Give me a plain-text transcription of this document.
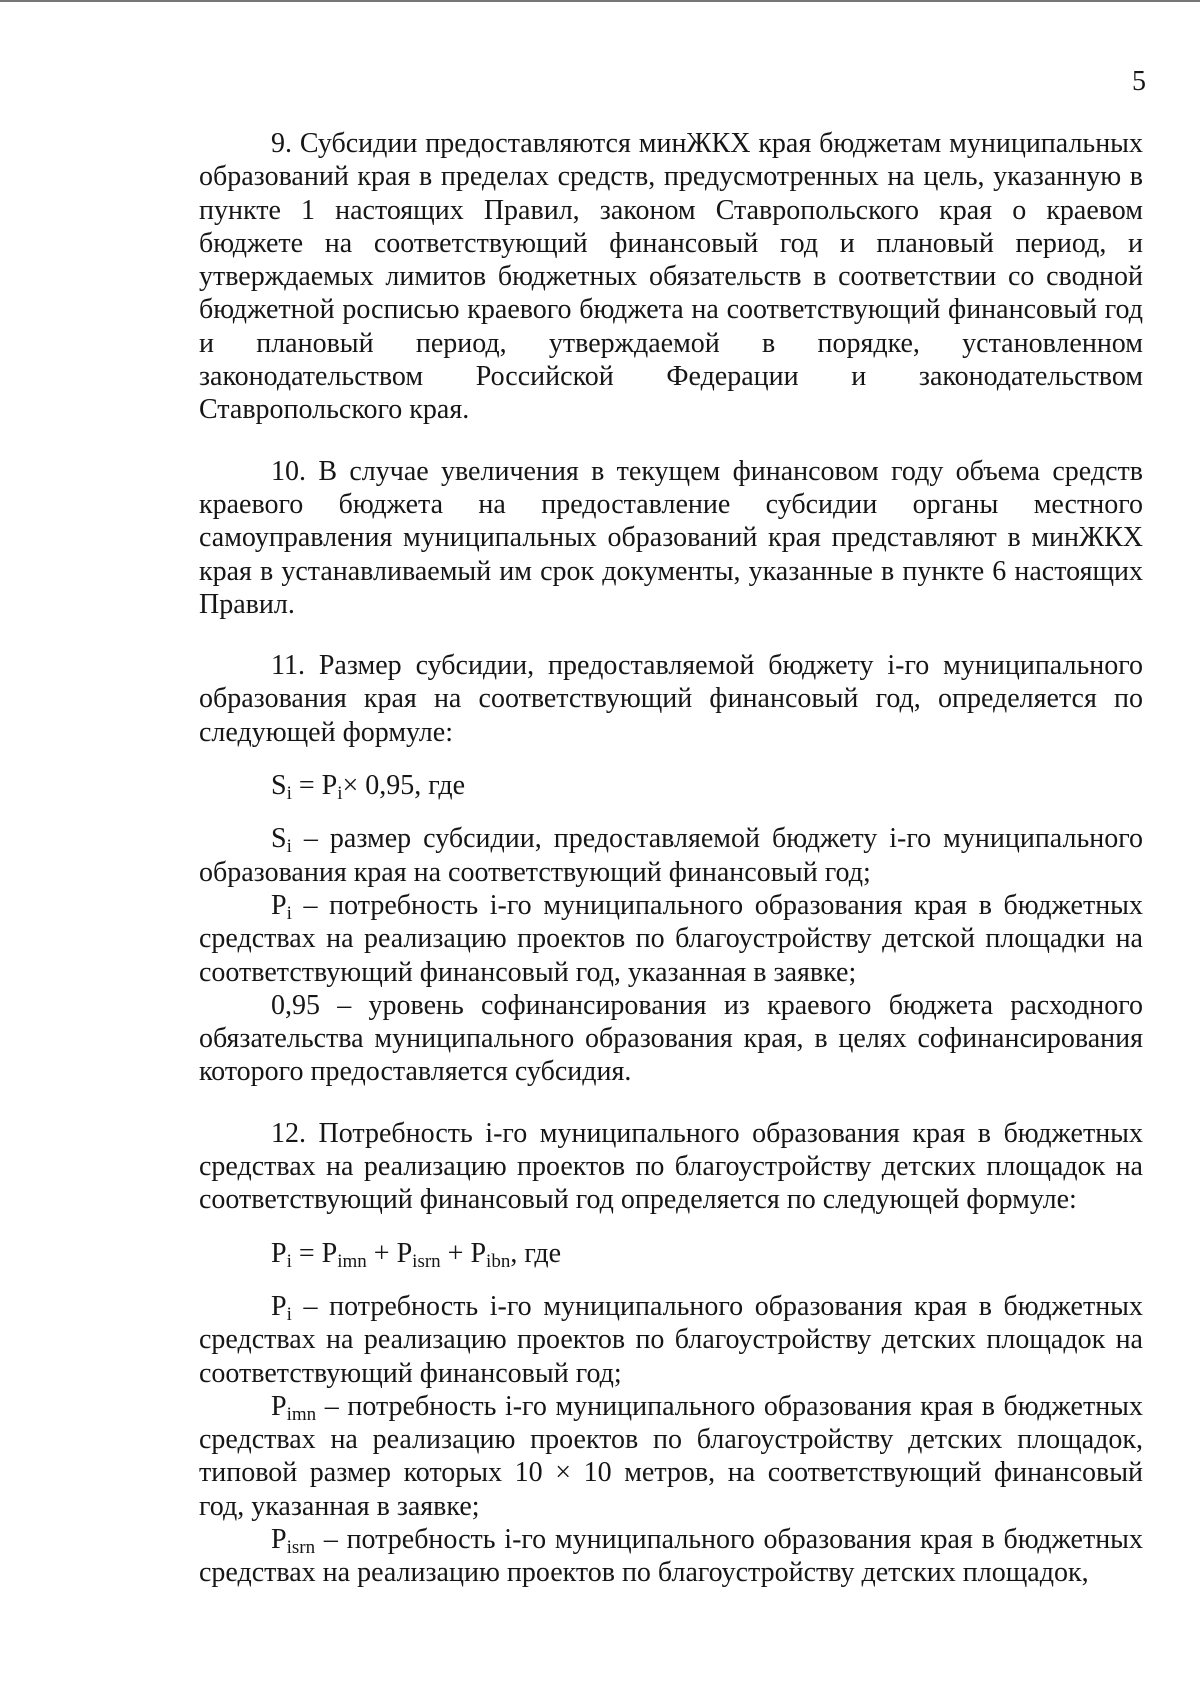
5

9. Субсидии предоставляются минЖКХ края бюджетам муниципальных образований края в пределах средств, предусмотренных на цель, указанную в пункте 1 настоящих Правил, законом Ставропольского края о краевом бюджете на соответствующий финансовый год и плановый период, и утверждаемых лимитов бюджетных обязательств в соответствии со сводной бюджетной росписью краевого бюджета на соответствующий финансовый год и плановый период, утверждаемой в порядке, установленном законодательством Российской Федерации и законодательством Ставропольского края.

10. В случае увеличения в текущем финансовом году объема средств краевого бюджета на предоставление субсидии органы местного самоуправления муниципальных образований края представляют в минЖКХ края в устанавливаемый им срок документы, указанные в пункте 6 настоящих Правил.

11. Размер субсидии, предоставляемой бюджету i-го муниципального образования края на соответствующий финансовый год, определяется по следующей формуле:

$S_i = P_i\times 0,95$, где

$S_i$ – размер субсидии, предоставляемой бюджету i-го муниципального образования края на соответствующий финансовый год;

$P_i$ – потребность i-го муниципального образования края в бюджетных средствах на реализацию проектов по благоустройству детской площадки на соответствующий финансовый год, указанная в заявке;

0,95 – уровень софинансирования из краевого бюджета расходного обязательства муниципального образования края, в целях софинансирования которого предоставляется субсидия.

12. Потребность i-го муниципального образования края в бюджетных средствах на реализацию проектов по благоустройству детских площадок на соответствующий финансовый год определяется по следующей формуле:

$P_i = P_{imn} + P_{isrn} + P_{ibn}$, где

$P_i$ – потребность i-го муниципального образования края в бюджетных средствах на реализацию проектов по благоустройству детских площадок на соответствующий финансовый год;

$P_{imn}$ – потребность i-го муниципального образования края в бюджетных средствах на реализацию проектов по благоустройству детских площадок, типовой размер которых 10 × 10 метров, на соответствующий финансовый год, указанная в заявке;

$P_{isrn}$ – потребность i-го муниципального образования края в бюджетных средствах на реализацию проектов по благоустройству детских площадок,
